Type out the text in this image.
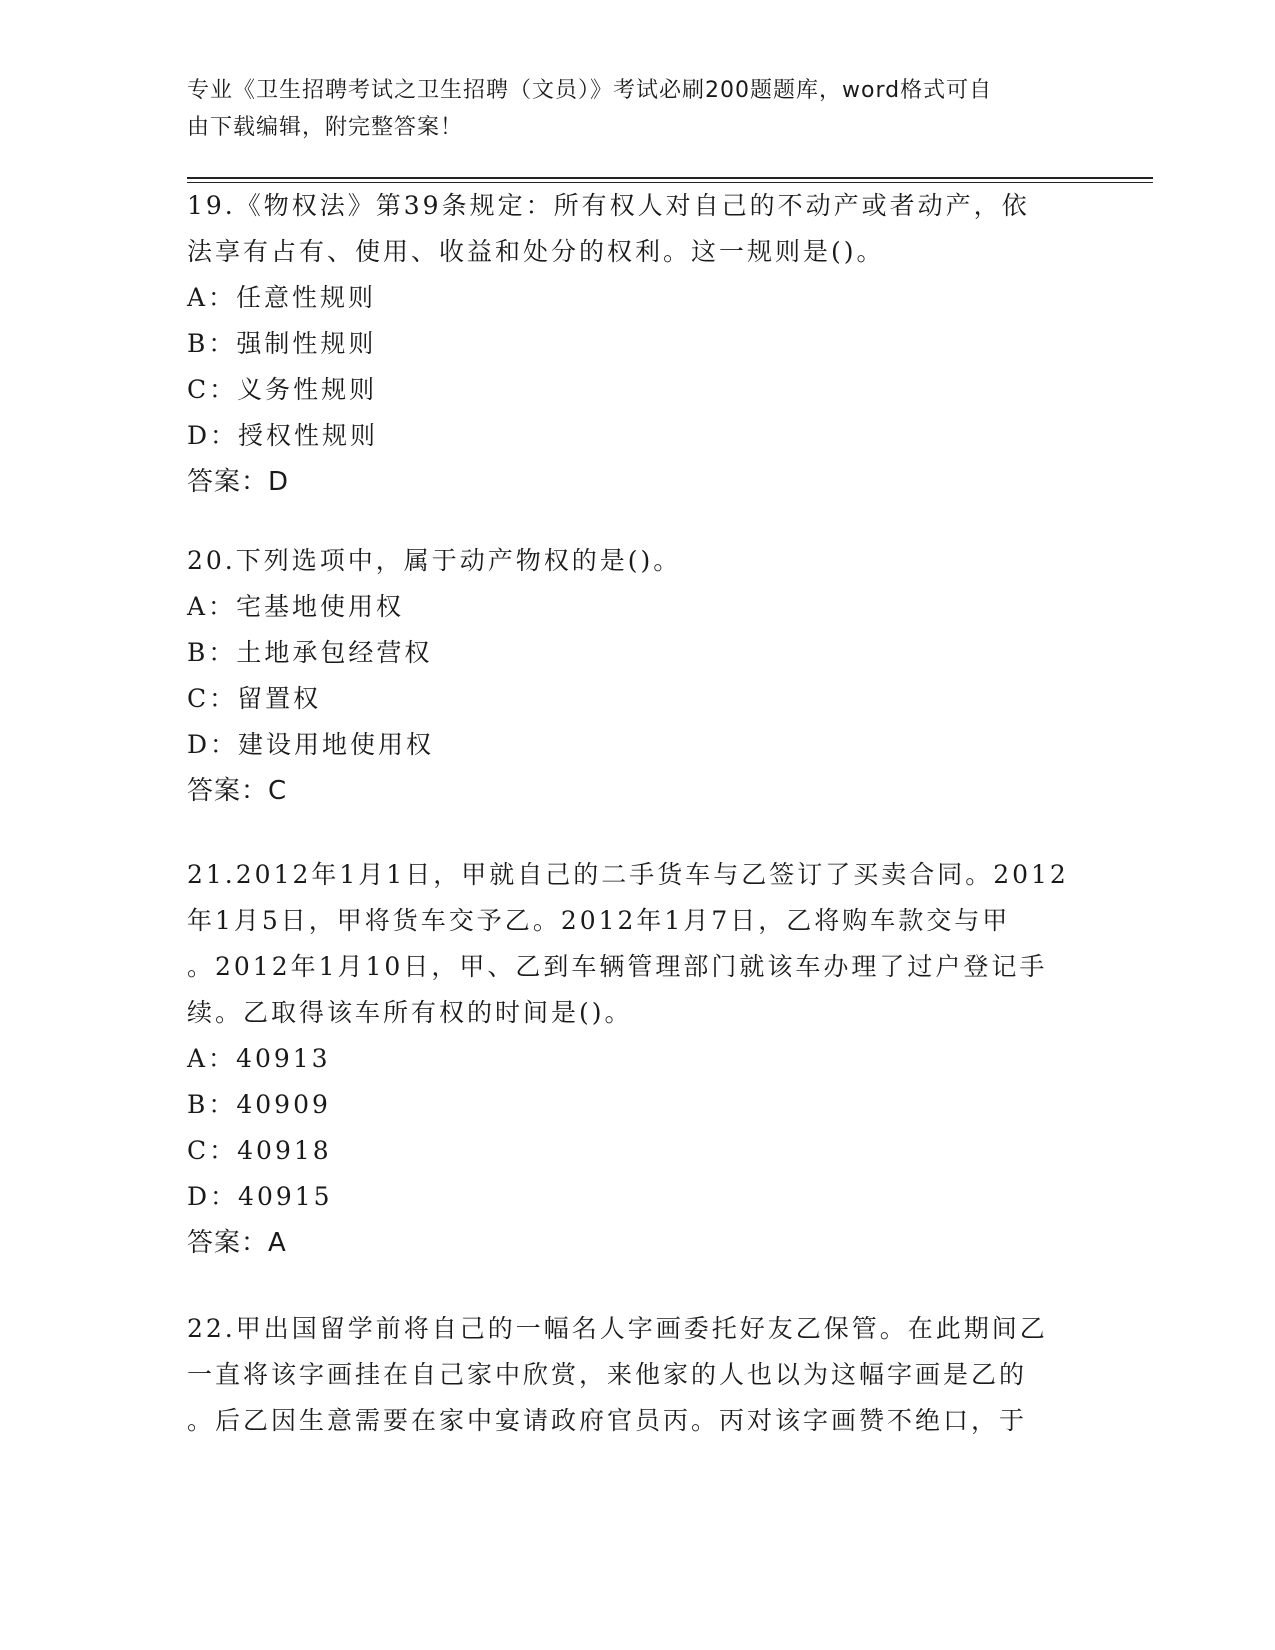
专业《卫生招聘考试之卫生招聘（文员）》考试必刷200题题库，word格式可自
由下载编辑，附完整答案！
19.《物权法》第39条规定：所有权人对自己的不动产或者动产，依
法享有占有、使用、收益和处分的权利。这一规则是()。
A：任意性规则
B：强制性规则
C：义务性规则
D：授权性规则
答案：D
20.下列选项中，属于动产物权的是()。
A：宅基地使用权
B：土地承包经营权
C：留置权
D：建设用地使用权
答案：C
21.2012年1月1日，甲就自己的二手货车与乙签订了买卖合同。2012
年1月5日，甲将货车交予乙。2012年1月7日，乙将购车款交与甲
。2012年1月10日，甲、乙到车辆管理部门就该车办理了过户登记手
续。乙取得该车所有权的时间是()。
A：40913
B：40909
C：40918
D：40915
答案：A
22.甲出国留学前将自己的一幅名人字画委托好友乙保管。在此期间乙
一直将该字画挂在自己家中欣赏，来他家的人也以为这幅字画是乙的
。后乙因生意需要在家中宴请政府官员丙。丙对该字画赞不绝口，于
